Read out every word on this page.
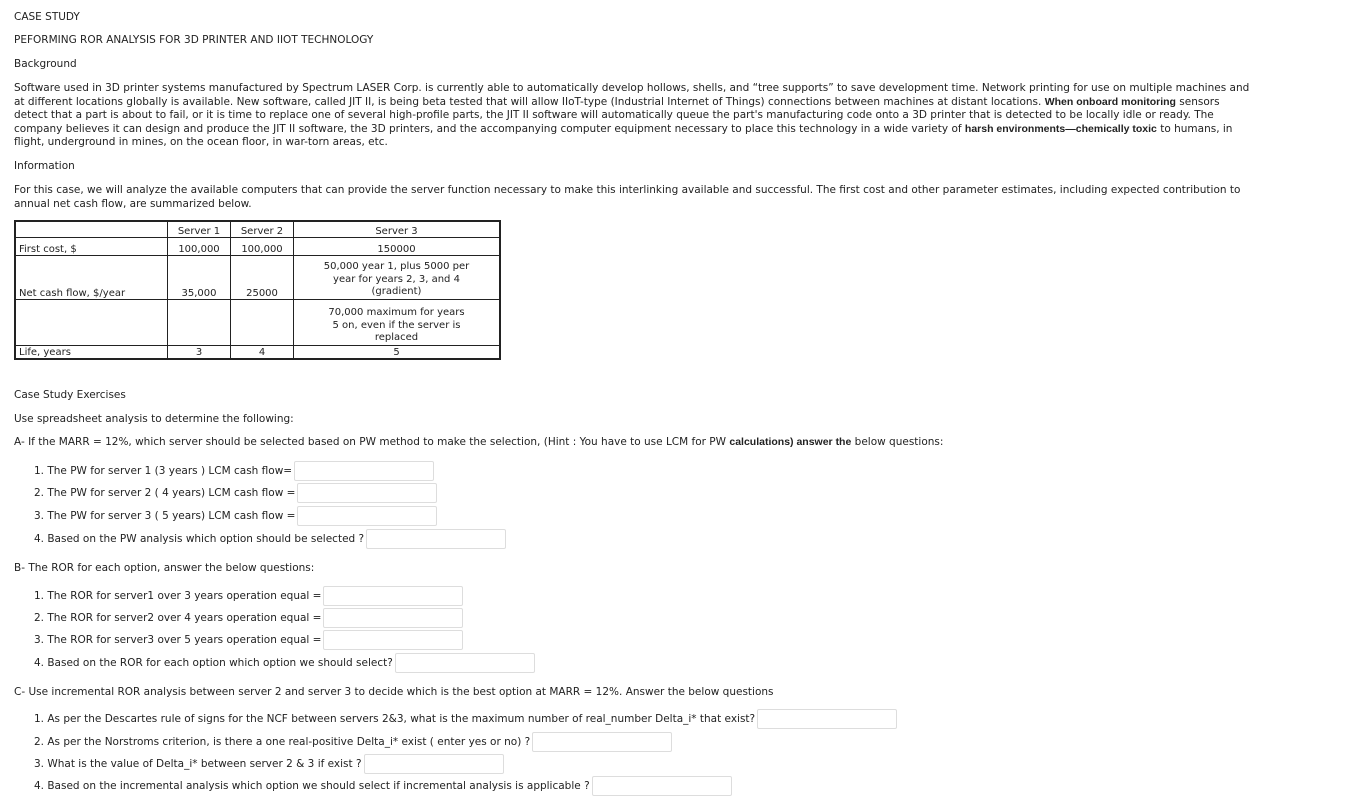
CASE STUDY
PEFORMING ROR ANALYSIS FOR 3D PRINTER AND IIOT TECHNOLOGY
Background
Software used in 3D printer systems manufactured by Spectrum LASER Corp. is currently able to automatically develop hollows, shells, and “tree supports” to save development time. Network printing for use on multiple machines and at different locations globally is available. New software, called JIT II, is being beta tested that will allow IIoT-type (Industrial Internet of Things) connections between machines at distant locations. When onboard monitoring sensors detect that a part is about to fail, or it is time to replace one of several high-profile parts, the JIT II software will automatically queue the part's manufacturing code onto a 3D printer that is detected to be locally idle or ready. The company believes it can design and produce the JIT II software, the 3D printers, and the accompanying computer equipment necessary to place this technology in a wide variety of harsh environments—chemically toxic to humans, in flight, underground in mines, on the ocean floor, in war-torn areas, etc.
Information
For this case, we will analyze the available computers that can provide the server function necessary to make this interlinking available and successful. The first cost and other parameter estimates, including expected contribution to annual net cash flow, are summarized below.
	Server 1	Server 2	Server 3
First cost, $	100,000	100,000	150000
Net cash flow, $/year	35,000	25000	50,000 year 1, plus 5000 per year for years 2, 3, and 4 (gradient)
			70,000 maximum for years 5 on, even if the server is replaced
Life, years	3	4	5
Case Study Exercises
Use spreadsheet analysis to determine the following:
A- If the MARR = 12%, which server should be selected based on PW method to make the selection, (Hint : You have to use LCM for PW calculations) answer the below questions:
1. The PW for server 1 (3 years ) LCM cash flow=
2. The PW for server 2 ( 4 years) LCM cash flow =
3. The PW for server 3 ( 5 years) LCM cash flow =
4. Based on the PW analysis which option should be selected ?
B- The ROR for each option, answer the below questions:
1. The ROR for server1 over 3 years operation equal =
2. The ROR for server2 over 4 years operation equal =
3. The ROR for server3 over 5 years operation equal =
4. Based on the ROR for each option which option we should select?
C- Use incremental ROR analysis between server 2 and server 3 to decide which is the best option at MARR = 12%. Answer the below questions
1. As per the Descartes rule of signs for the NCF between servers 2&3, what is the maximum number of real_number Delta_i* that exist?
2. As per the Norstroms criterion, is there a one real-positive Delta_i* exist ( enter yes or no) ?
3. What is the value of Delta_i* between server 2 & 3 if exist ?
4. Based on the incremental analysis which option we should select if incremental analysis is applicable ?
